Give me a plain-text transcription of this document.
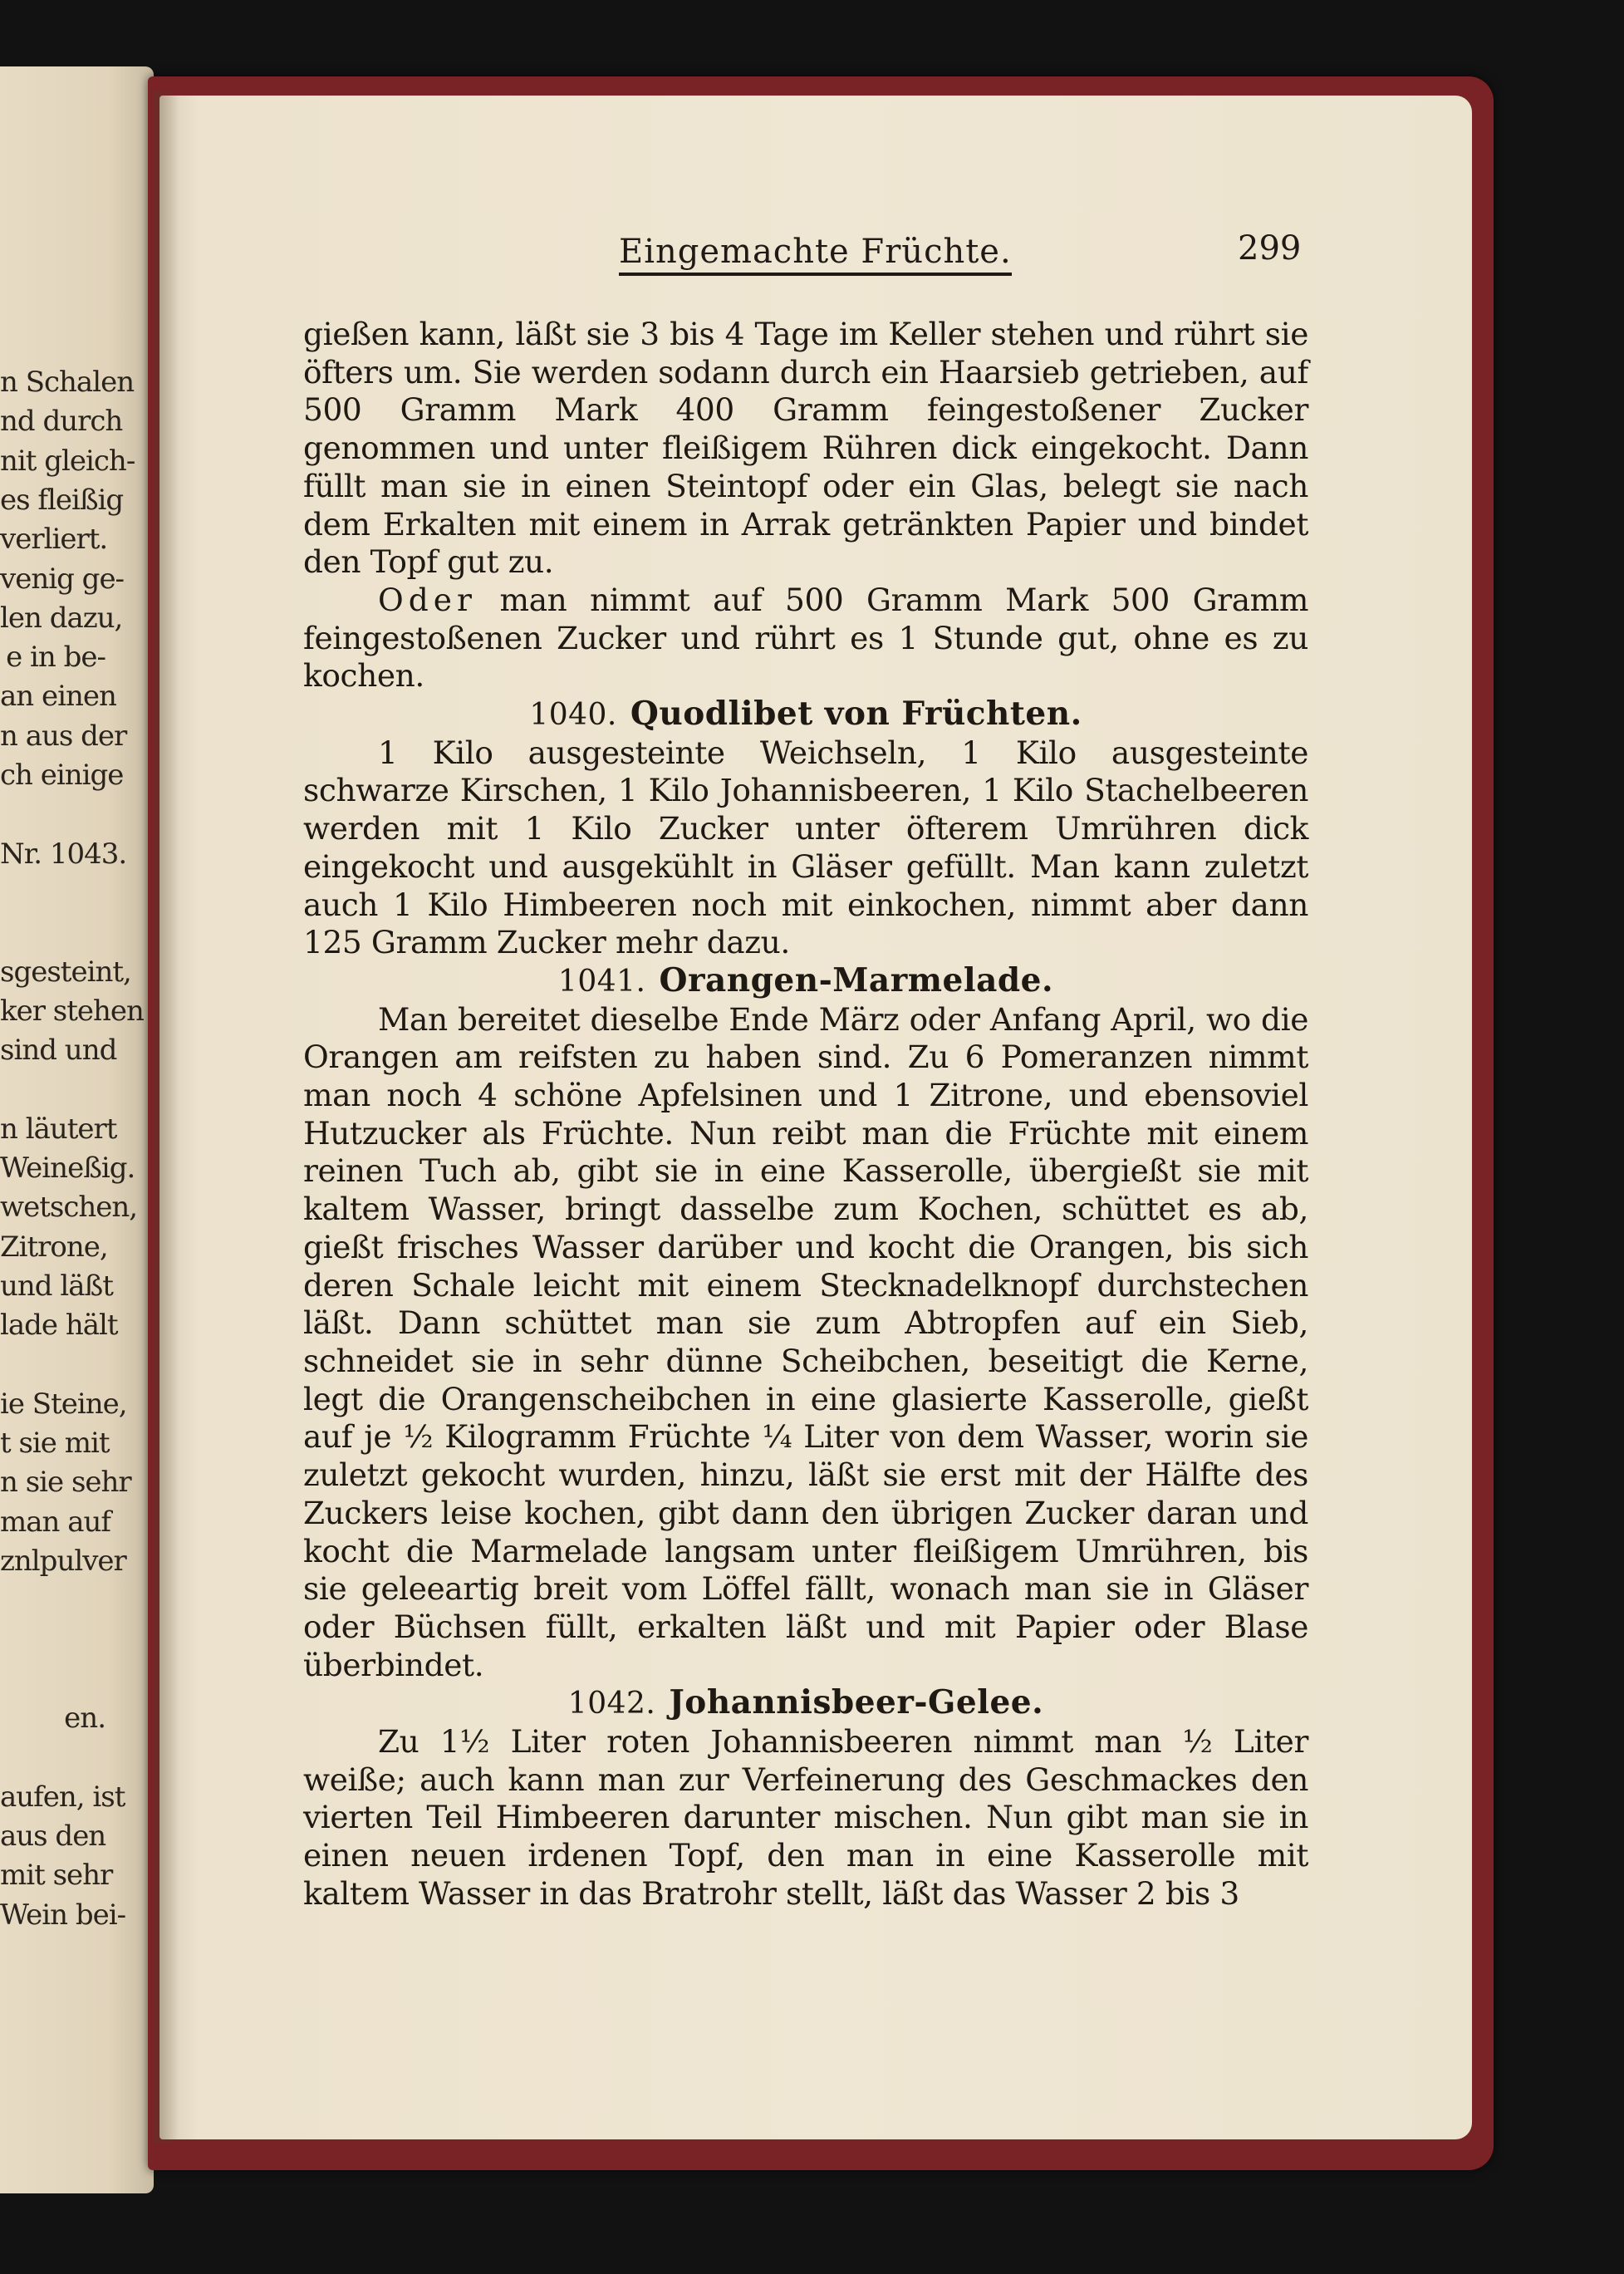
n Schalen
nd durch
nit gleich-
es fleißig
verliert.
venig ge-
len dazu,
e in be-
an einen
n aus der
ch einige
Nr. 1043.
sgesteint,
ker stehen
sind und
n läutert
Weineßig.
wetschen,
Zitrone,
und läßt
lade hält
ie Steine,
t sie mit
n sie sehr
man auf
znlpulver
en.
aufen, ist
aus den
mit sehr
Wein bei-
Eingemachte Früchte.	299

gießen kann, läßt sie 3 bis 4 Tage im Keller stehen und rührt sie öfters um. Sie werden sodann durch ein Haarsieb getrieben, auf 500 Gramm Mark 400 Gramm feingestoßener Zucker genommen und unter fleißigem Rühren dick eingekocht. Dann füllt man sie in einen Steintopf oder ein Glas, belegt sie nach dem Erkalten mit einem in Arrak getränkten Papier und bindet den Topf gut zu.

Oder man nimmt auf 500 Gramm Mark 500 Gramm feingestoßenen Zucker und rührt es 1 Stunde gut, ohne es zu kochen.

1040. Quodlibet von Früchten.

1 Kilo ausgesteinte Weichseln, 1 Kilo ausgesteinte schwarze Kirschen, 1 Kilo Johannisbeeren, 1 Kilo Stachelbeeren werden mit 1 Kilo Zucker unter öfterem Umrühren dick eingekocht und ausgekühlt in Gläser gefüllt. Man kann zuletzt auch 1 Kilo Himbeeren noch mit einkochen, nimmt aber dann 125 Gramm Zucker mehr dazu.

1041. Orangen-Marmelade.

Man bereitet dieselbe Ende März oder Anfang April, wo die Orangen am reifsten zu haben sind. Zu 6 Pomeranzen nimmt man noch 4 schöne Apfelsinen und 1 Zitrone, und ebensoviel Hutzucker als Früchte. Nun reibt man die Früchte mit einem reinen Tuch ab, gibt sie in eine Kasserolle, übergießt sie mit kaltem Wasser, bringt dasselbe zum Kochen, schüttet es ab, gießt frisches Wasser darüber und kocht die Orangen, bis sich deren Schale leicht mit einem Stecknadelknopf durchstechen läßt. Dann schüttet man sie zum Abtropfen auf ein Sieb, schneidet sie in sehr dünne Scheibchen, beseitigt die Kerne, legt die Orangenscheibchen in eine glasierte Kasserolle, gießt auf je ½ Kilogramm Früchte ¼ Liter von dem Wasser, worin sie zuletzt gekocht wurden, hinzu, läßt sie erst mit der Hälfte des Zuckers leise kochen, gibt dann den übrigen Zucker daran und kocht die Marmelade langsam unter fleißigem Umrühren, bis sie geleeartig breit vom Löffel fällt, wonach man sie in Gläser oder Büchsen füllt, erkalten läßt und mit Papier oder Blase überbindet.

1042. Johannisbeer-Gelee.

Zu 1½ Liter roten Johannisbeeren nimmt man ½ Liter weiße; auch kann man zur Verfeinerung des Geschmackes den vierten Teil Himbeeren darunter mischen. Nun gibt man sie in einen neuen irdenen Topf, den man in eine Kasserolle mit kaltem Wasser in das Bratrohr stellt, läßt das Wasser 2 bis 3
